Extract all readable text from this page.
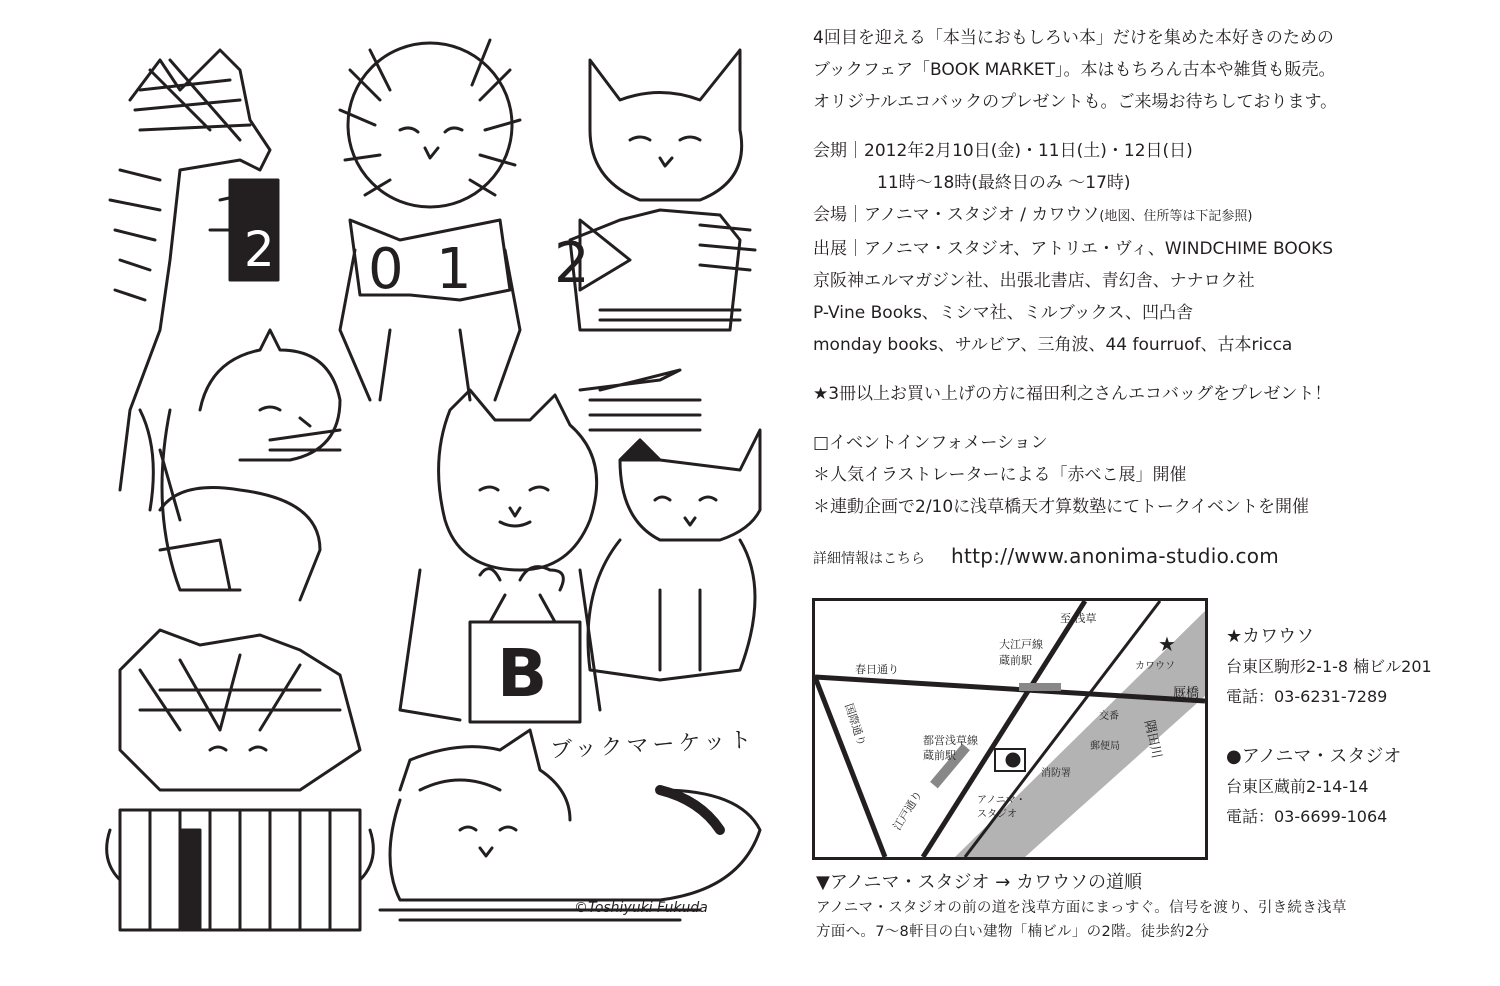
2 0 1 2
B
ブックマーケット
©Toshiyuki Fukuda

4回目を迎える「本当におもしろい本」だけを集めた本好きのための

ブックフェア「BOOK MARKET」。本はもちろん古本や雑貨も販売。

オリジナルエコバックのプレゼントも。ご来場お待ちしております。

会期｜2012年2月10日(金)・11日(土)・12日(日)

11時〜18時(最終日のみ 〜17時)

会場｜アノニマ・スタジオ / カワウソ(地図、住所等は下記参照)

出展｜アノニマ・スタジオ、アトリエ・ヴィ、WINDCHIME BOOKS

京阪神エルマガジン社、出張北書店、青幻舎、ナナロク社

P-Vine Books、ミシマ社、ミルブックス、凹凸舎

monday books、サルビア、三角波、44 fourruof、古本ricca

★3冊以上お買い上げの方に福田利之さんエコバッグをプレゼント！

□イベントインフォメーション

＊人気イラストレーターによる「赤べこ展」開催

＊連動企画で2/10に浅草橋天才算数塾にてトークイベントを開催

詳細情報はこちら http://www.anonima-studio.com
★
至 浅草
春日通り
大江戸線
蔵前駅	カワウソ
厩橋
交番
郵便局
都営浅草線
蔵前駅
消防署
アノニマ・
スタジオ
国際通り
江戸通り
隅田川

★カワウソ

台東区駒形2-1-8 楠ビル201

電話：03-6231-7289

●アノニマ・スタジオ

台東区蔵前2-14-14

電話：03-6699-1064

▼アノニマ・スタジオ → カワウソの道順

アノニマ・スタジオの前の道を浅草方面にまっすぐ。信号を渡り、引き続き浅草

方面へ。7〜8軒目の白い建物「楠ビル」の2階。徒歩約2分
